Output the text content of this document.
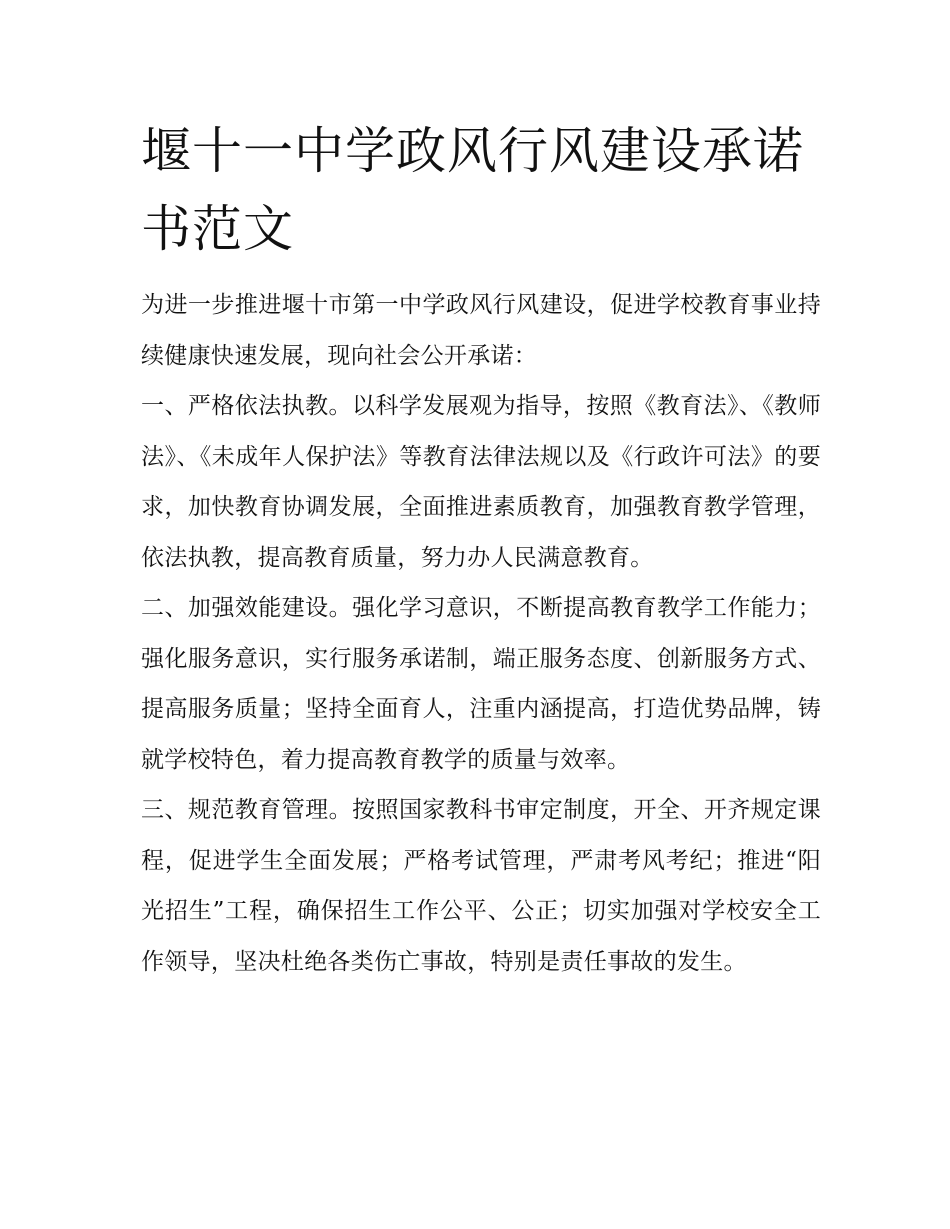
堰十一中学政风行风建设承诺书范文

为进一步推进堰十市第一中学政风行风建设，促进学校教育事业持续健康快速发展，现向社会公开承诺：

一、严格依法执教。以科学发展观为指导，按照《教育法》、《教师法》、《未成年人保护法》等教育法律法规以及《行政许可法》的要求，加快教育协调发展，全面推进素质教育，加强教育教学管理，依法执教，提高教育质量，努力办人民满意教育。

二、加强效能建设。强化学习意识，不断提高教育教学工作能力；强化服务意识，实行服务承诺制，端正服务态度、创新服务方式、提高服务质量；坚持全面育人，注重内涵提高，打造优势品牌，铸就学校特色，着力提高教育教学的质量与效率。

三、规范教育管理。按照国家教科书审定制度，开全、开齐规定课程，促进学生全面发展；严格考试管理，严肃考风考纪；推进“阳光招生”工程，确保招生工作公平、公正；切实加强对学校安全工作领导，坚决杜绝各类伤亡事故，特别是责任事故的发生。
